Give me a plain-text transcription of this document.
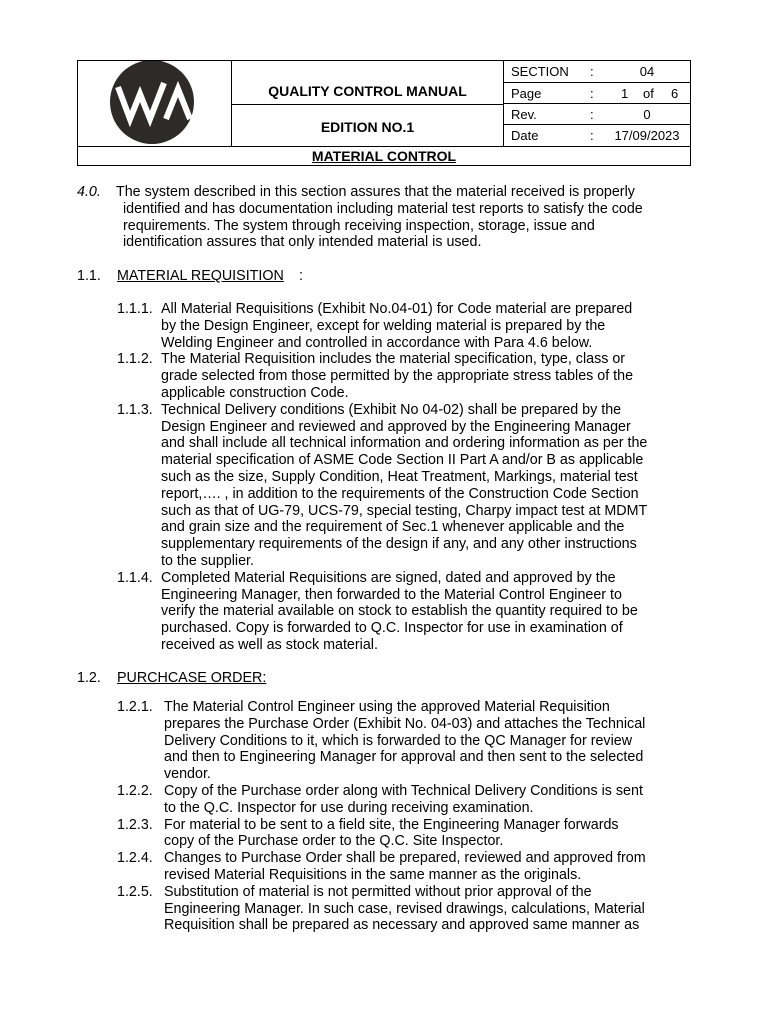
QUALITY CONTROL MANUAL
EDITION NO.1
SECTION :	04
Page	: 1 of 6
Rev.	:	0
Date	:	17/09/2023
MATERIAL CONTROL
4.0. The system described in this section assures that the material received is properly
identified and has documentation including material test reports to satisfy the code
requirements. The system through receiving inspection, storage, issue and
identification assures that only intended material is used.
1.1. MATERIAL REQUISITION :
1.1.1. All Material Requisitions (Exhibit No.04-01) for Code material are prepared
by the Design Engineer, except for welding material is prepared by the
Welding Engineer and controlled in accordance with Para 4.6 below.
1.1.2. The Material Requisition includes the material specification, type, class or
grade selected from those permitted by the appropriate stress tables of the
applicable construction Code.
1.1.3. Technical Delivery conditions (Exhibit No 04-02) shall be prepared by the
Design Engineer and reviewed and approved by the Engineering Manager
and shall include all technical information and ordering information as per the
material specification of ASME Code Section II Part A and/or B as applicable
such as the size, Supply Condition, Heat Treatment, Markings, material test
report,…. , in addition to the requirements of the Construction Code Section
such as that of UG-79, UCS-79, special testing, Charpy impact test at MDMT
and grain size and the requirement of Sec.1 whenever applicable and the
supplementary requirements of the design if any, and any other instructions
to the supplier.
1.1.4. Completed Material Requisitions are signed, dated and approved by the
Engineering Manager, then forwarded to the Material Control Engineer to
verify the material available on stock to establish the quantity required to be
purchased. Copy is forwarded to Q.C. Inspector for use in examination of
received as well as stock material.
1.2. PURCHCASE ORDER:
1.2.1. The Material Control Engineer using the approved Material Requisition
prepares the Purchase Order (Exhibit No. 04-03) and attaches the Technical
Delivery Conditions to it, which is forwarded to the QC Manager for review
and then to Engineering Manager for approval and then sent to the selected
vendor.
1.2.2. Copy of the Purchase order along with Technical Delivery Conditions is sent
to the Q.C. Inspector for use during receiving examination.
1.2.3. For material to be sent to a field site, the Engineering Manager forwards
copy of the Purchase order to the Q.C. Site Inspector.
1.2.4. Changes to Purchase Order shall be prepared, reviewed and approved from
revised Material Requisitions in the same manner as the originals.
1.2.5. Substitution of material is not permitted without prior approval of the
Engineering Manager. In such case, revised drawings, calculations, Material
Requisition shall be prepared as necessary and approved same manner as
